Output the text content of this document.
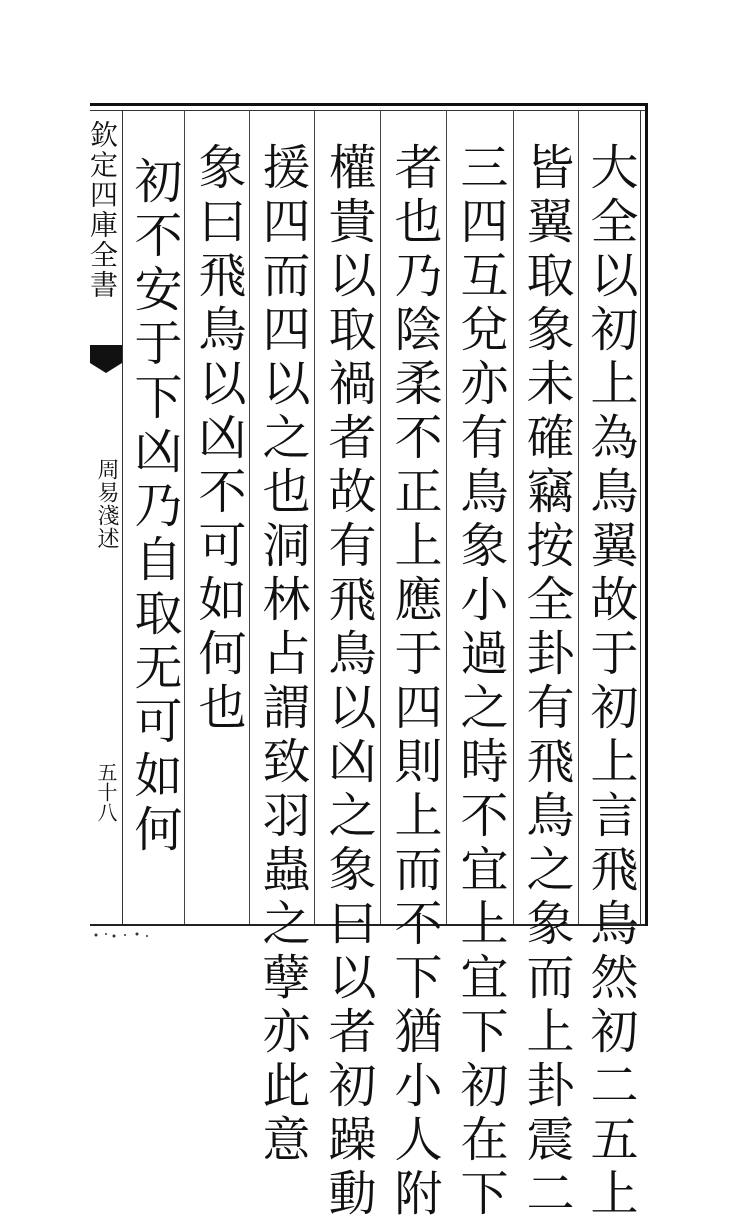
大全以初上為鳥翼故于初上言飛鳥然初二五上
皆翼取象未確竊按全卦有飛鳥之象而上卦震二
三四互兌亦有鳥象小過之時不宜上宜下初在下
者也乃陰柔不正上應于四則上而不下猶小人附
權貴以取禍者故有飛鳥以凶之象曰以者初躁動
援四而四以之也洞林占謂致羽蟲之孽亦此意
象曰飛鳥以凶不可如何也
初不安于下凶乃自取无可如何
欽定四庫全書
周易淺述
五十八
